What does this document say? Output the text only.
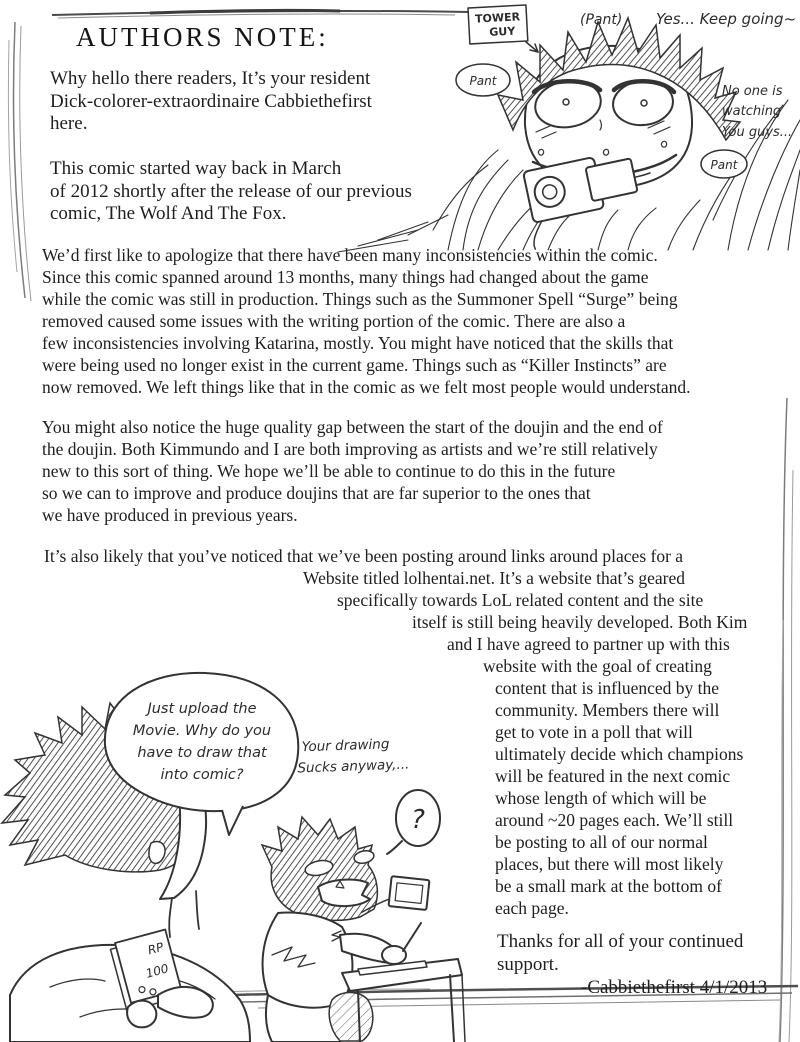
AUTHORS NOTE:
Why hello there readers, It’s your resident
Dick-colorer-extraordinaire Cabbiethefirst
here.
This comic started way back in March
of 2012 shortly after the release of our previous
comic, The Wolf And The Fox.
We’d first like to apologize that there have been many inconsistencies within the comic.
Since this comic spanned around 13 months, many things had changed about the game
while the comic was still in production. Things such as the Summoner Spell “Surge” being
removed caused some issues with the writing portion of the comic. There are also a
few inconsistencies involving Katarina, mostly. You might have noticed that the skills that
were being used no longer exist in the current game. Things such as “Killer Instincts” are
now removed. We left things like that in the comic as we felt most people would understand.
You might also notice the huge quality gap between the start of the doujin and the end of
the doujin. Both Kimmundo and I are both improving as artists and we’re still relatively
new to this sort of thing. We hope we’ll be able to continue to do this in the future
so we can to improve and produce doujins that are far superior to the ones that
we have produced in previous years.
It’s also likely that you’ve noticed that we’ve been posting around links around places for a
Website titled lolhentai.net. It’s a website that’s geared
specifically towards LoL related content and the site
itself is still being heavily developed. Both Kim
and I have agreed to partner up with this
website with the goal of creating
content that is influenced by the
community. Members there will
get to vote in a poll that will
ultimately decide which champions
will be featured in the next comic
whose length of which will be
around ~20 pages each. We’ll still
be posting to all of our normal
places, but there will most likely
be a small mark at the bottom of
each page.
Thanks for all of your continued
support.
-Cabbiethefirst 4/1/2013
TOWER
GUY
(Pant) Yes... Keep going~
Pant
No one is
watching
You guys...
Pant
RP
100
Just upload the
Movie. Why do you
have to draw that
into comic?
Your drawing
Sucks anyway,...
?
